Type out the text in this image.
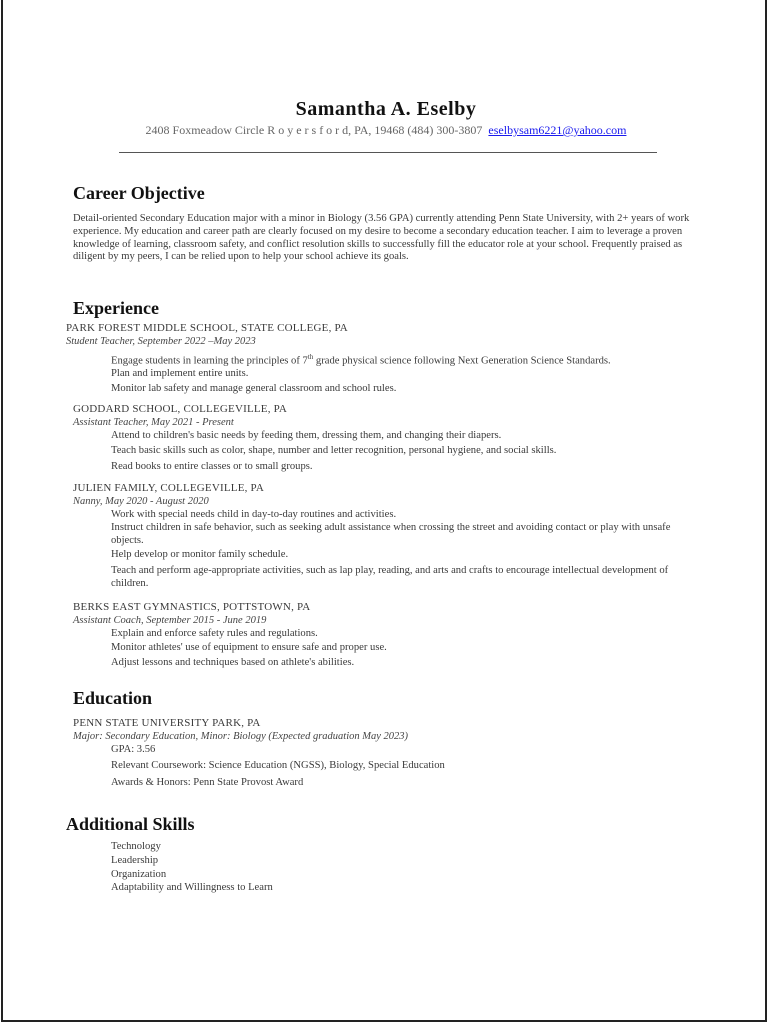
Samantha A. Eselby
2408 Foxmeadow Circle R o y e r s f o r d, PA, 19468 (484) 300-3807 eselbysam6221@yahoo.com
Career Objective
Detail-oriented Secondary Education major with a minor in Biology (3.56 GPA) currently attending Penn State University, with 2+ years of work experience. My education and career path are clearly focused on my desire to become a secondary education teacher. I aim to leverage a proven knowledge of learning, classroom safety, and conflict resolution skills to successfully fill the educator role at your school. Frequently praised as diligent by my peers, I can be relied upon to help your school achieve its goals.
Experience
PARK FOREST MIDDLE SCHOOL, STATE COLLEGE, PA
Student Teacher, September 2022 –May 2023
Engage students in learning the principles of 7th grade physical science following Next Generation Science Standards.
Plan and implement entire units.
Monitor lab safety and manage general classroom and school rules.
GODDARD SCHOOL, COLLEGEVILLE, PA
Assistant Teacher, May 2021 - Present
Attend to children's basic needs by feeding them, dressing them, and changing their diapers.
Teach basic skills such as color, shape, number and letter recognition, personal hygiene, and social skills.
Read books to entire classes or to small groups.
JULIEN FAMILY, COLLEGEVILLE, PA
Nanny, May 2020 - August 2020
Work with special needs child in day-to-day routines and activities.
Instruct children in safe behavior, such as seeking adult assistance when crossing the street and avoiding contact or play with unsafe objects.
Help develop or monitor family schedule.
Teach and perform age-appropriate activities, such as lap play, reading, and arts and crafts to encourage intellectual development of children.
BERKS EAST GYMNASTICS, POTTSTOWN, PA
Assistant Coach, September 2015 - June 2019
Explain and enforce safety rules and regulations.
Monitor athletes' use of equipment to ensure safe and proper use.
Adjust lessons and techniques based on athlete's abilities.
Education
PENN STATE UNIVERSITY PARK, PA
Major: Secondary Education, Minor: Biology (Expected graduation May 2023)
GPA: 3.56
Relevant Coursework: Science Education (NGSS), Biology, Special Education
Awards & Honors: Penn State Provost Award
Additional Skills
Technology
Leadership
Organization
Adaptability and Willingness to Learn
